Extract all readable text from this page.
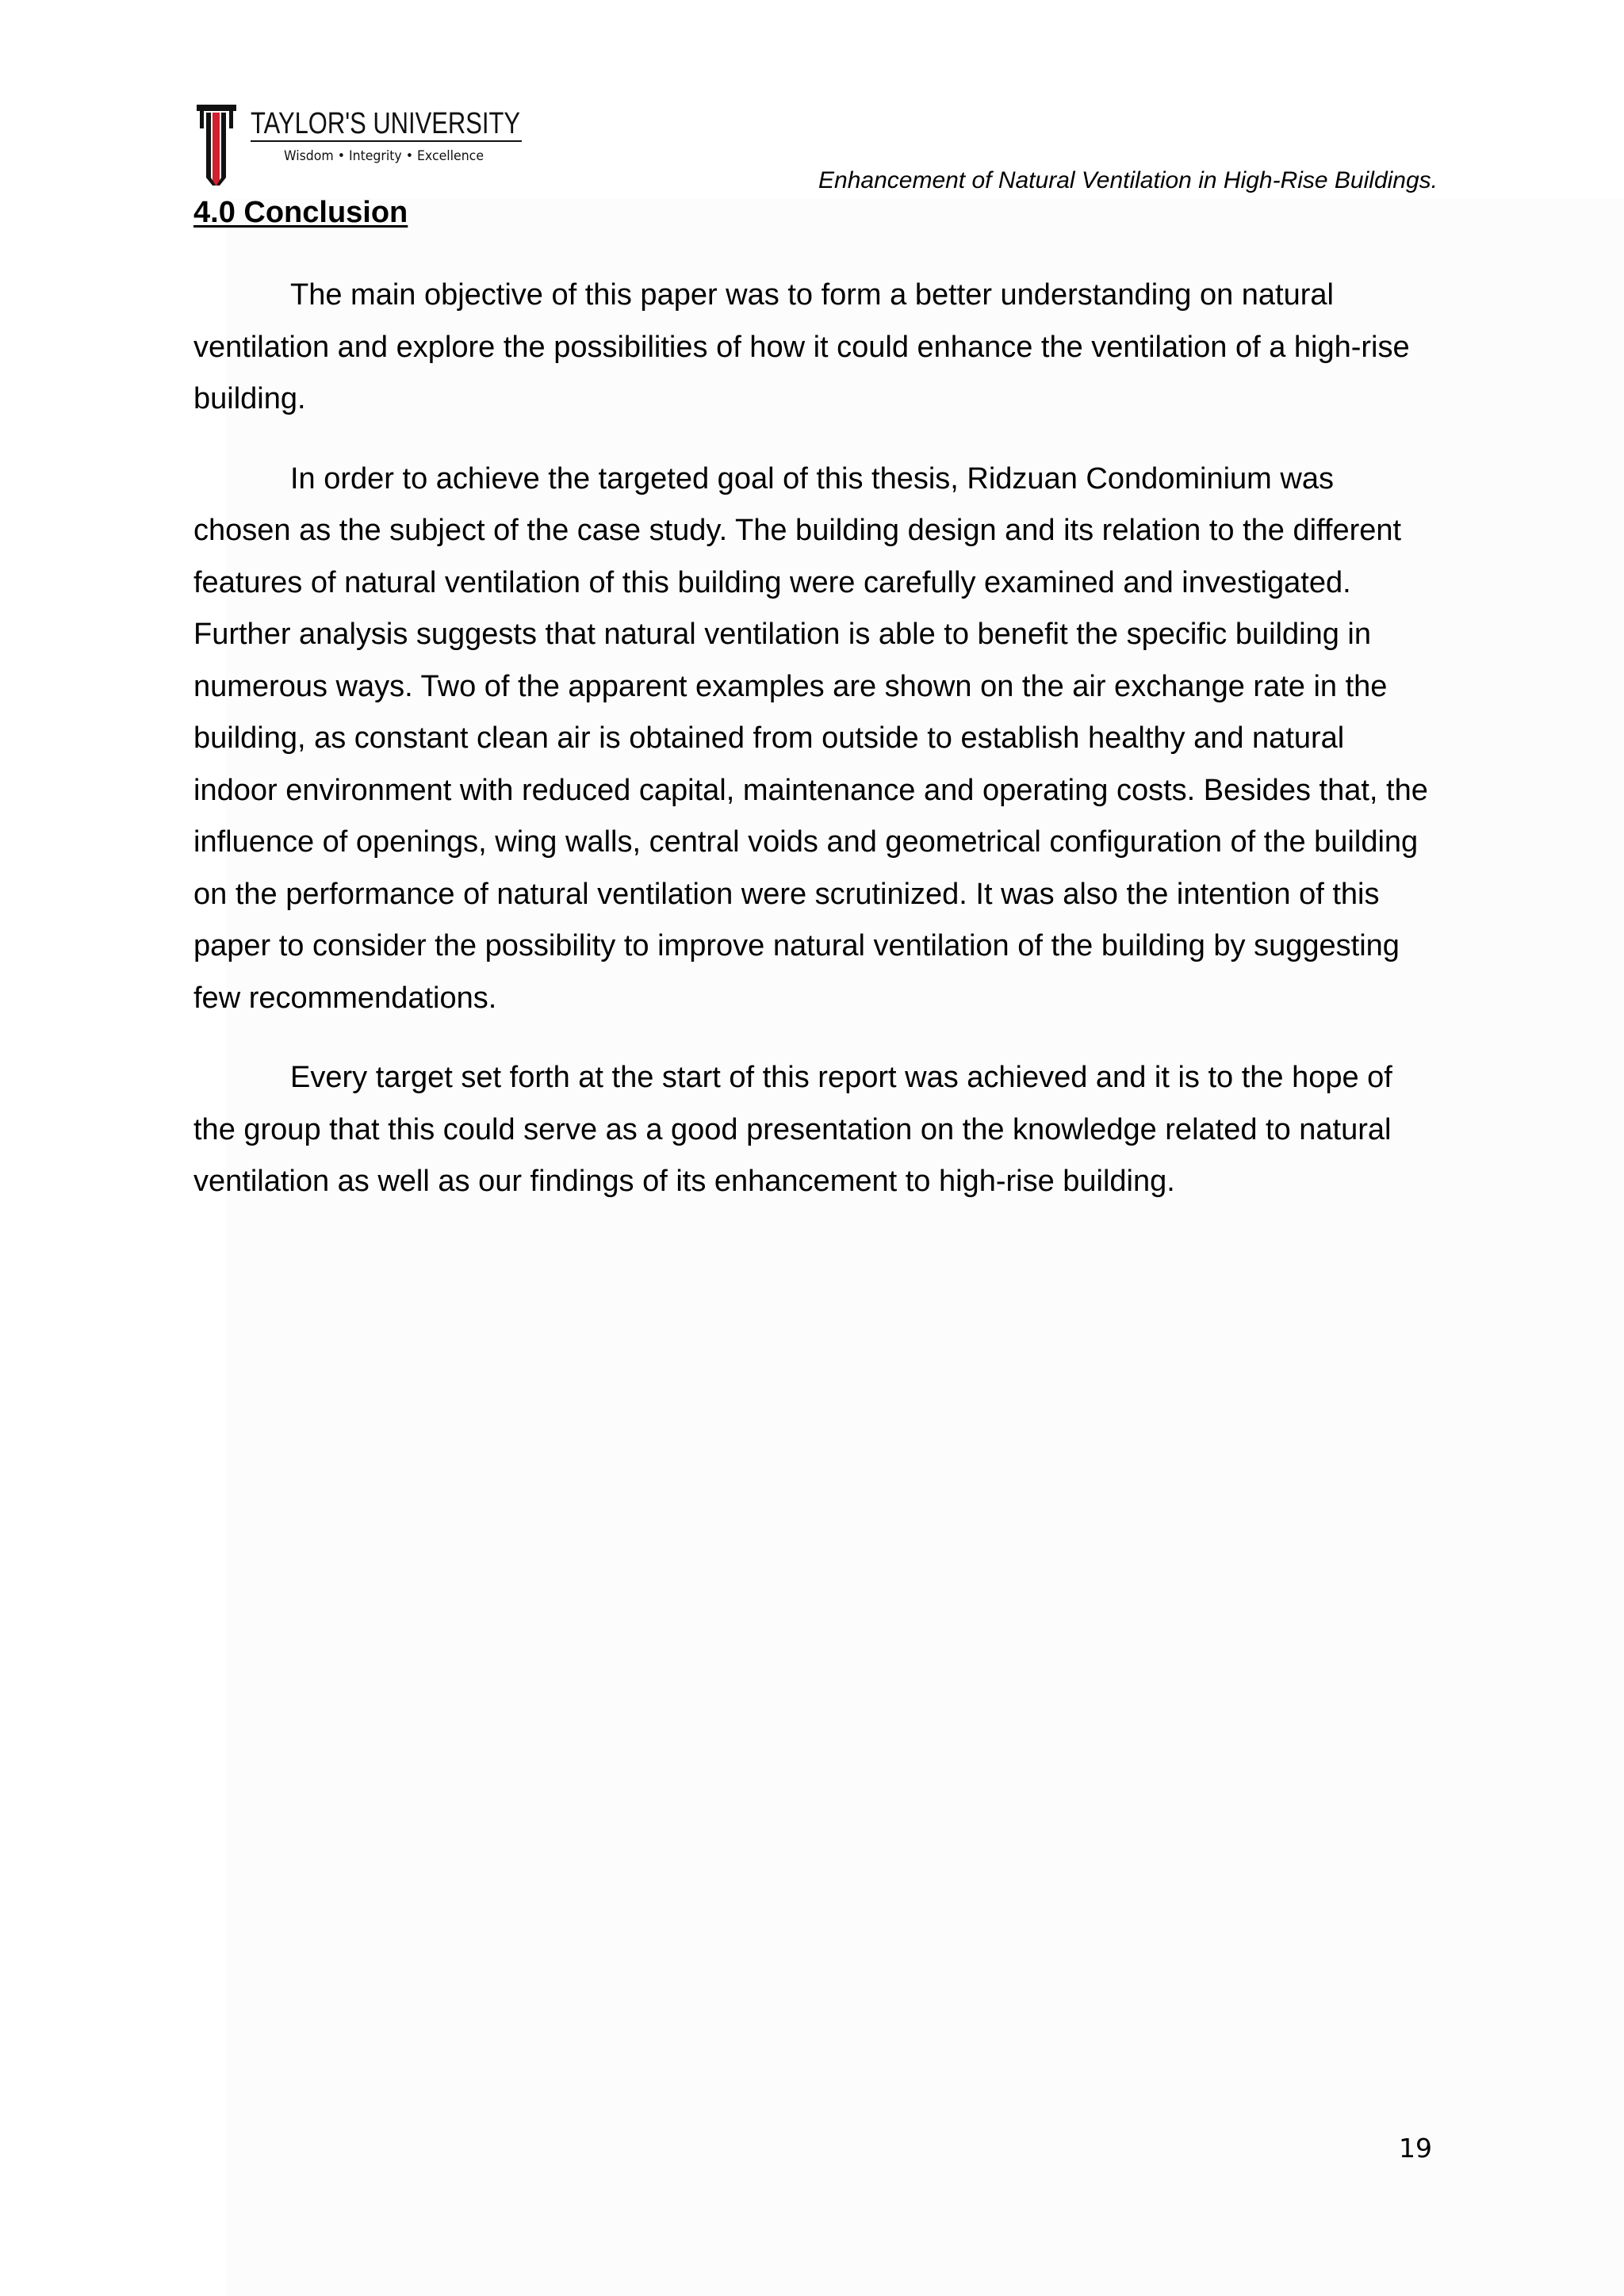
TAYLOR'S UNIVERSITY
Wisdom • Integrity • Excellence
Enhancement of Natural Ventilation in High-Rise Buildings.
4.0 Conclusion

The main objective of this paper was to form a better understanding on natural ventilation and explore the possibilities of how it could enhance the ventilation of a high-rise building.

In order to achieve the targeted goal of this thesis, Ridzuan Condominium was chosen as the subject of the case study. The building design and its relation to the different features of natural ventilation of this building were carefully examined and investigated. Further analysis suggests that natural ventilation is able to benefit the specific building in numerous ways. Two of the apparent examples are shown on the air exchange rate in the building, as constant clean air is obtained from outside to establish healthy and natural indoor environment with reduced capital, maintenance and operating costs. Besides that, the influence of openings, wing walls, central voids and geometrical configuration of the building on the performance of natural ventilation were scrutinized. It was also the intention of this paper to consider the possibility to improve natural ventilation of the building by suggesting few recommendations.

Every target set forth at the start of this report was achieved and it is to the hope of the group that this could serve as a good presentation on the knowledge related to natural ventilation as well as our findings of its enhancement to high-rise building.

19
